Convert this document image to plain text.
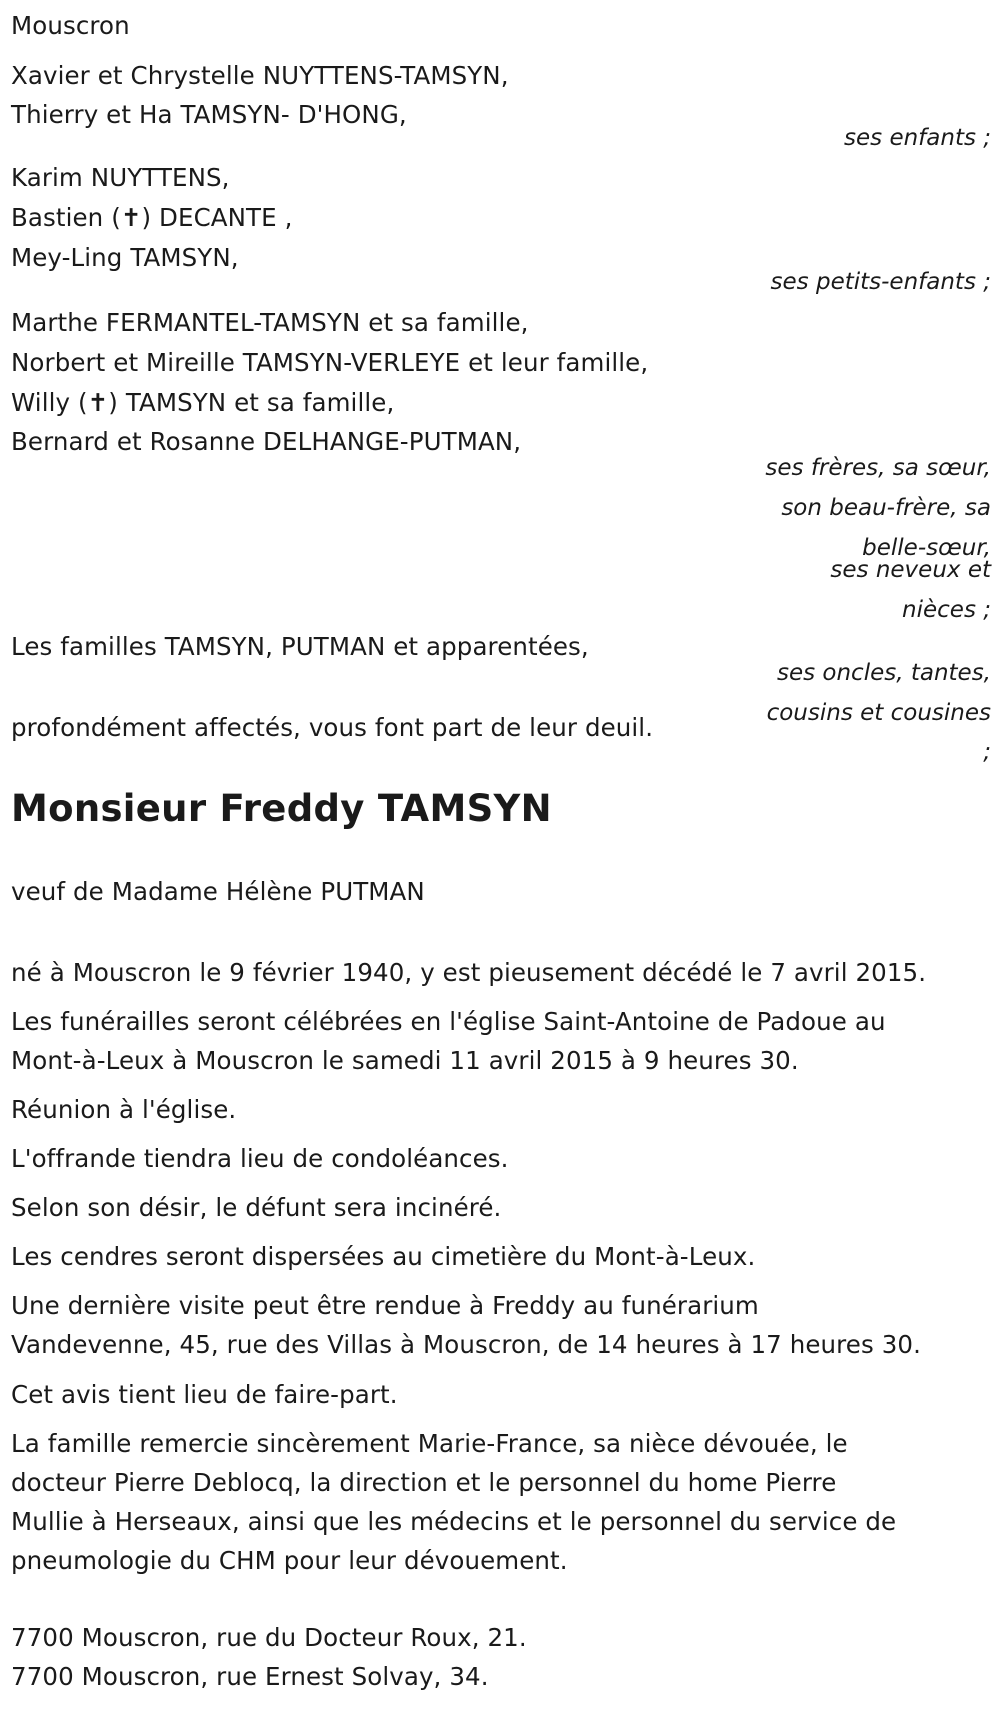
Mouscron
Xavier et Chrystelle NUYTTENS-TAMSYN,
Thierry et Ha TAMSYN- D'HONG,
ses enfants ;
Karim NUYTTENS,
Bastien (✝) DECANTE ,
Mey-Ling TAMSYN,
ses petits-enfants ;
Marthe FERMANTEL-TAMSYN et sa famille,
Norbert et Mireille TAMSYN-VERLEYE et leur famille,
Willy (✝) TAMSYN et sa famille,
Bernard et Rosanne DELHANGE-PUTMAN,
ses frères, sa sœur,
son beau-frère, sa
belle-sœur,
ses neveux et
nièces ;
Les familles TAMSYN, PUTMAN et apparentées,
ses oncles, tantes,
cousins et cousines
;
profondément affectés, vous font part de leur deuil.
Monsieur Freddy TAMSYN
veuf de Madame Hélène PUTMAN
né à Mouscron le 9 février 1940, y est pieusement décédé le 7 avril 2015.
Les funérailles seront célébrées en l'église Saint-Antoine de Padoue au
Mont-à-Leux à Mouscron le samedi 11 avril 2015 à 9 heures 30.
Réunion à l'église.
L'offrande tiendra lieu de condoléances.
Selon son désir, le défunt sera incinéré.
Les cendres seront dispersées au cimetière du Mont-à-Leux.
Une dernière visite peut être rendue à Freddy au funérarium
Vandevenne, 45, rue des Villas à Mouscron, de 14 heures à 17 heures 30.
Cet avis tient lieu de faire-part.
La famille remercie sincèrement Marie-France, sa nièce dévouée, le
docteur Pierre Deblocq, la direction et le personnel du home Pierre
Mullie à Herseaux, ainsi que les médecins et le personnel du service de
pneumologie du CHM pour leur dévouement.
7700 Mouscron, rue du Docteur Roux, 21.
7700 Mouscron, rue Ernest Solvay, 34.
